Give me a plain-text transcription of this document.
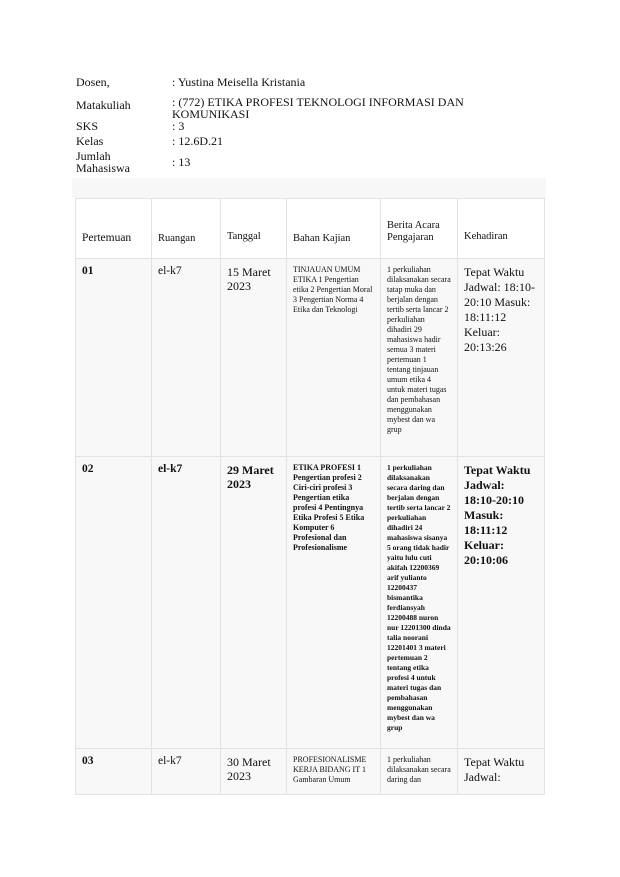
Dosen,	: Yustina Meisella Kristania
Matakuliah	: (772) ETIKA PROFESI TEKNOLOGI INFORMASI DAN KOMUNIKASI
SKS	: 3
Kelas	: 12.6D.21
Jumlah Mahasiswa	: 13
Pertemuan	Ruangan	Tanggal	Bahan Kajian	Berita Acara Pengajaran	Kehadiran
01	el-k7	15 Maret 2023	TINJAUAN UMUM ETIKA 1 Pengertian etika 2 Pengertian Moral 3 Pengertian Norma 4 Etika dan Teknologi	1 perkuliahan dilaksanakan secara tatap muka dan berjalan dengan tertib serta lancar 2 perkuliahan dihadiri 29 mahasiswa hadir semua 3 materi pertemuan 1 tentang tinjauan umum etika 4 untuk materi tugas dan pembahasan menggunakan mybest dan wa grup	Tepat Waktu Jadwal: 18:10-20:10 Masuk: 18:11:12 Keluar: 20:13:26
02	el-k7	29 Maret 2023	ETIKA PROFESI 1 Pengertian profesi 2 Ciri-ciri profesi 3 Pengertian etika profesi 4 Pentingnya Etika Profesi 5 Etika Komputer 6 Profesional dan Profesionalisme	1 perkuliahan dilaksanakan secara daring dan berjalan dengan tertib serta lancar 2 perkuliahan dihadiri 24 mahasiswa sisanya 5 orang tidak hadir yaitu lulu cuti akifah 12200369 arif yulianto 12200437 bismantika ferdiansyah 12200488 nuron nur 12201300 dinda talia noorani 12201401 3 materi pertemuan 2 tentang etika profesi 4 untuk materi tugas dan pembahasan menggunakan mybest dan wa grup	Tepat Waktu Jadwal: 18:10-20:10 Masuk: 18:11:12 Keluar: 20:10:06
03	el-k7	30 Maret 2023	PROFESIONALISME KERJA BIDANG IT 1 Gambaran Umum	1 perkuliahan dilaksanakan secara daring dan	Tepat Waktu Jadwal:
